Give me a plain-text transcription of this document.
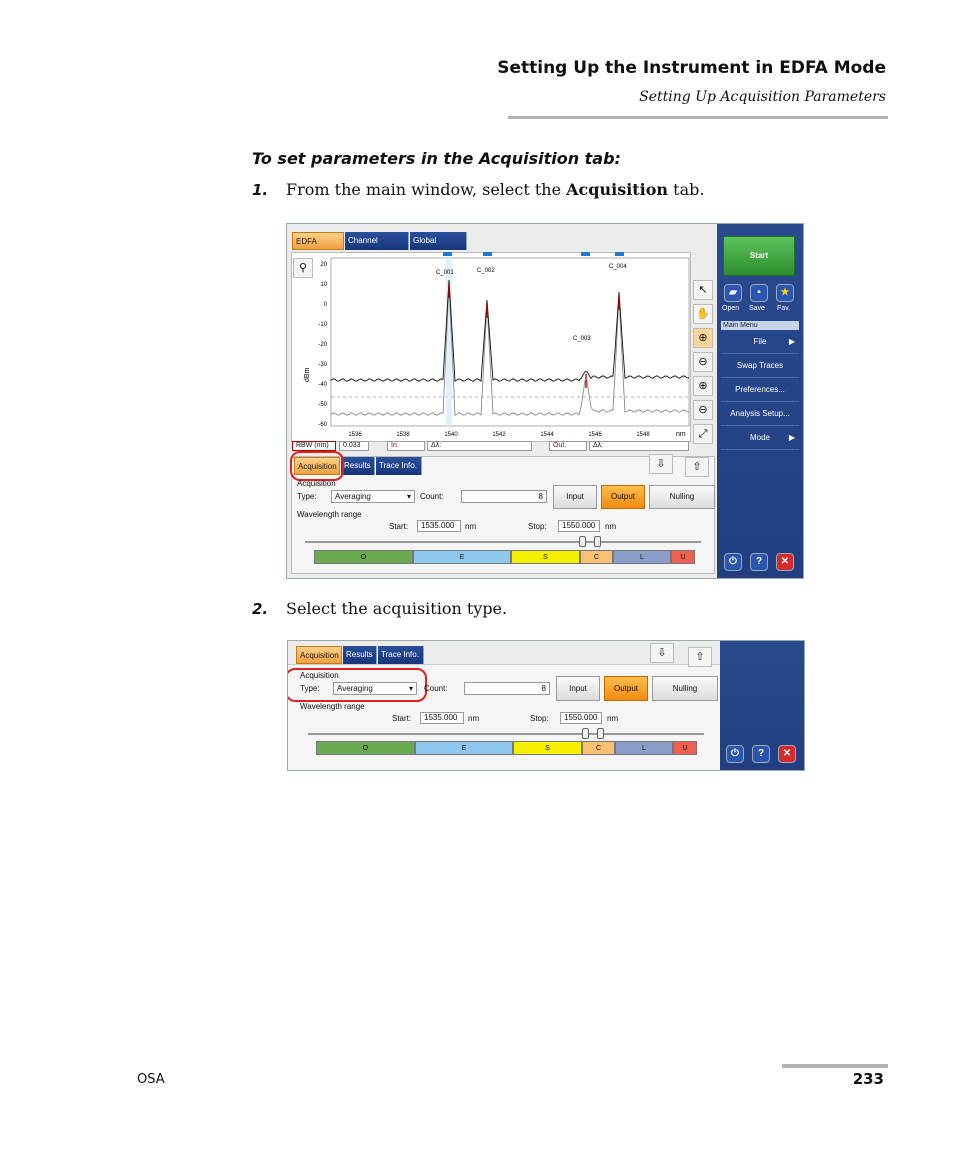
Setting Up the Instrument in EDFA Mode
Setting Up Acquisition Parameters
To set parameters in the Acquisition tab:
1. From the main window, select the Acquisition tab.
EDFA	Channel	Global
⚲	20
10
0
-10
-20
-30
-40
-50
-60
1536	1538	1540	1542	1544	1546	1548
C_001	C_002
C_003
C_004
dBm
nm
RBW (nm)	0.033	In.	Δλ:	Out.	Δλ:
↖
✋
⊕
⊖
⊕
⊖
⤢
Start
▰	▪	★
Open Save Fav.
Main Menu
File	▶
Swap Traces
Preferences...
Analysis Setup...
Mode ▶
⏻	?	✕
Acquisition Results	Trace Info.	⇩	⇧
Acquisition
Type:	Averaging	▾ Count:	8	Input	Output	Nulling
Wavelength range
Start:	1535.000	nm	Stop:	1550.000	nm
O	E	S	C	L	U
2. Select the acquisition type.
Acquisition Results	Trace Info.	⇩	⇧
Acquisition
Type:	Averaging	▾ Count:	8	Input	Output	Nulling
Wavelength range
Start:	1535.000	nm	Stop:	1550.000	nm
O	E	S	C	L	U	⏻	?	✕
OSA	233
